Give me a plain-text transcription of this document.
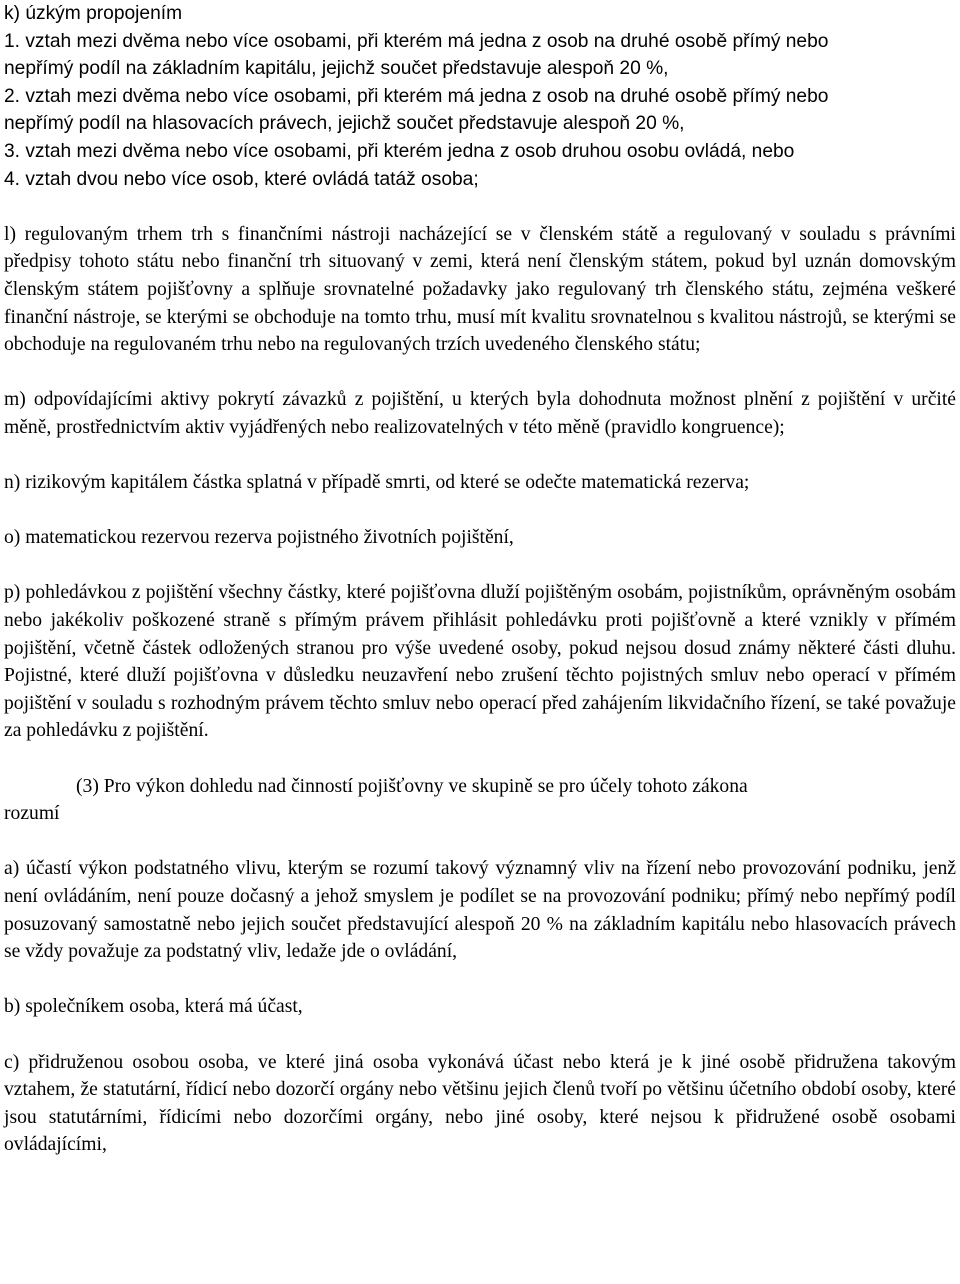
k) úzkým propojením
1. vztah mezi dvěma nebo více osobami, při kterém má jedna z osob na druhé osobě přímý nebo
nepřímý podíl na základním kapitálu, jejichž součet představuje alespoň 20 %,
2. vztah mezi dvěma nebo více osobami, při kterém má jedna z osob na druhé osobě přímý nebo
nepřímý podíl na hlasovacích právech, jejichž součet představuje alespoň 20 %,
3. vztah mezi dvěma nebo více osobami, při kterém jedna z osob druhou osobu ovládá, nebo
4. vztah dvou nebo více osob, které ovládá tatáž osoba;

l) regulovaným trhem trh s finančními nástroji nacházející se v členském státě a regulovaný v souladu s právními předpisy tohoto státu nebo finanční trh situovaný v zemi, která není členským státem, pokud byl uznán domovským členským státem pojišťovny a splňuje srovnatelné požadavky jako regulovaný trh členského státu, zejména veškeré finanční nástroje, se kterými se obchoduje na tomto trhu, musí mít kvalitu srovnatelnou s kvalitou nástrojů, se kterými se obchoduje na regulovaném trhu nebo na regulovaných trzích uvedeného členského státu;

m) odpovídajícími aktivy pokrytí závazků z pojištění, u kterých byla dohodnuta možnost plnění z pojištění v určité měně, prostřednictvím aktiv vyjádřených nebo realizovatelných v této měně (pravidlo kongruence);

n) rizikovým kapitálem částka splatná v případě smrti, od které se odečte matematická rezerva;

o) matematickou rezervou rezerva pojistného životních pojištění,

p) pohledávkou z pojištění všechny částky, které pojišťovna dluží pojištěným osobám, pojistníkům, oprávněným osobám nebo jakékoliv poškozené straně s přímým právem přihlásit pohledávku proti pojišťovně a které vznikly v přímém pojištění, včetně částek odložených stranou pro výše uvedené osoby, pokud nejsou dosud známy některé části dluhu. Pojistné, které dluží pojišťovna v důsledku neuzavření nebo zrušení těchto pojistných smluv nebo operací v přímém pojištění v souladu s rozhodným právem těchto smluv nebo operací před zahájením likvidačního řízení, se také považuje za pohledávku z pojištění.

(3) Pro výkon dohledu nad činností pojišťovny ve skupině se pro účely tohoto zákona
rozumí

a) účastí výkon podstatného vlivu, kterým se rozumí takový významný vliv na řízení nebo provozování podniku, jenž není ovládáním, není pouze dočasný a jehož smyslem je podílet se na provozování podniku; přímý nebo nepřímý podíl posuzovaný samostatně nebo jejich součet představující alespoň 20 % na základním kapitálu nebo hlasovacích právech se vždy považuje za podstatný vliv, ledaže jde o ovládání,

b) společníkem osoba, která má účast,

c) přidruženou osobou osoba, ve které jiná osoba vykonává účast nebo která je k jiné osobě přidružena takovým vztahem, že statutární, řídicí nebo dozorčí orgány nebo většinu jejich členů tvoří po většinu účetního období osoby, které jsou statutárními, řídicími nebo dozorčími orgány, nebo jiné osoby, které nejsou k přidružené osobě osobami ovládajícími,
